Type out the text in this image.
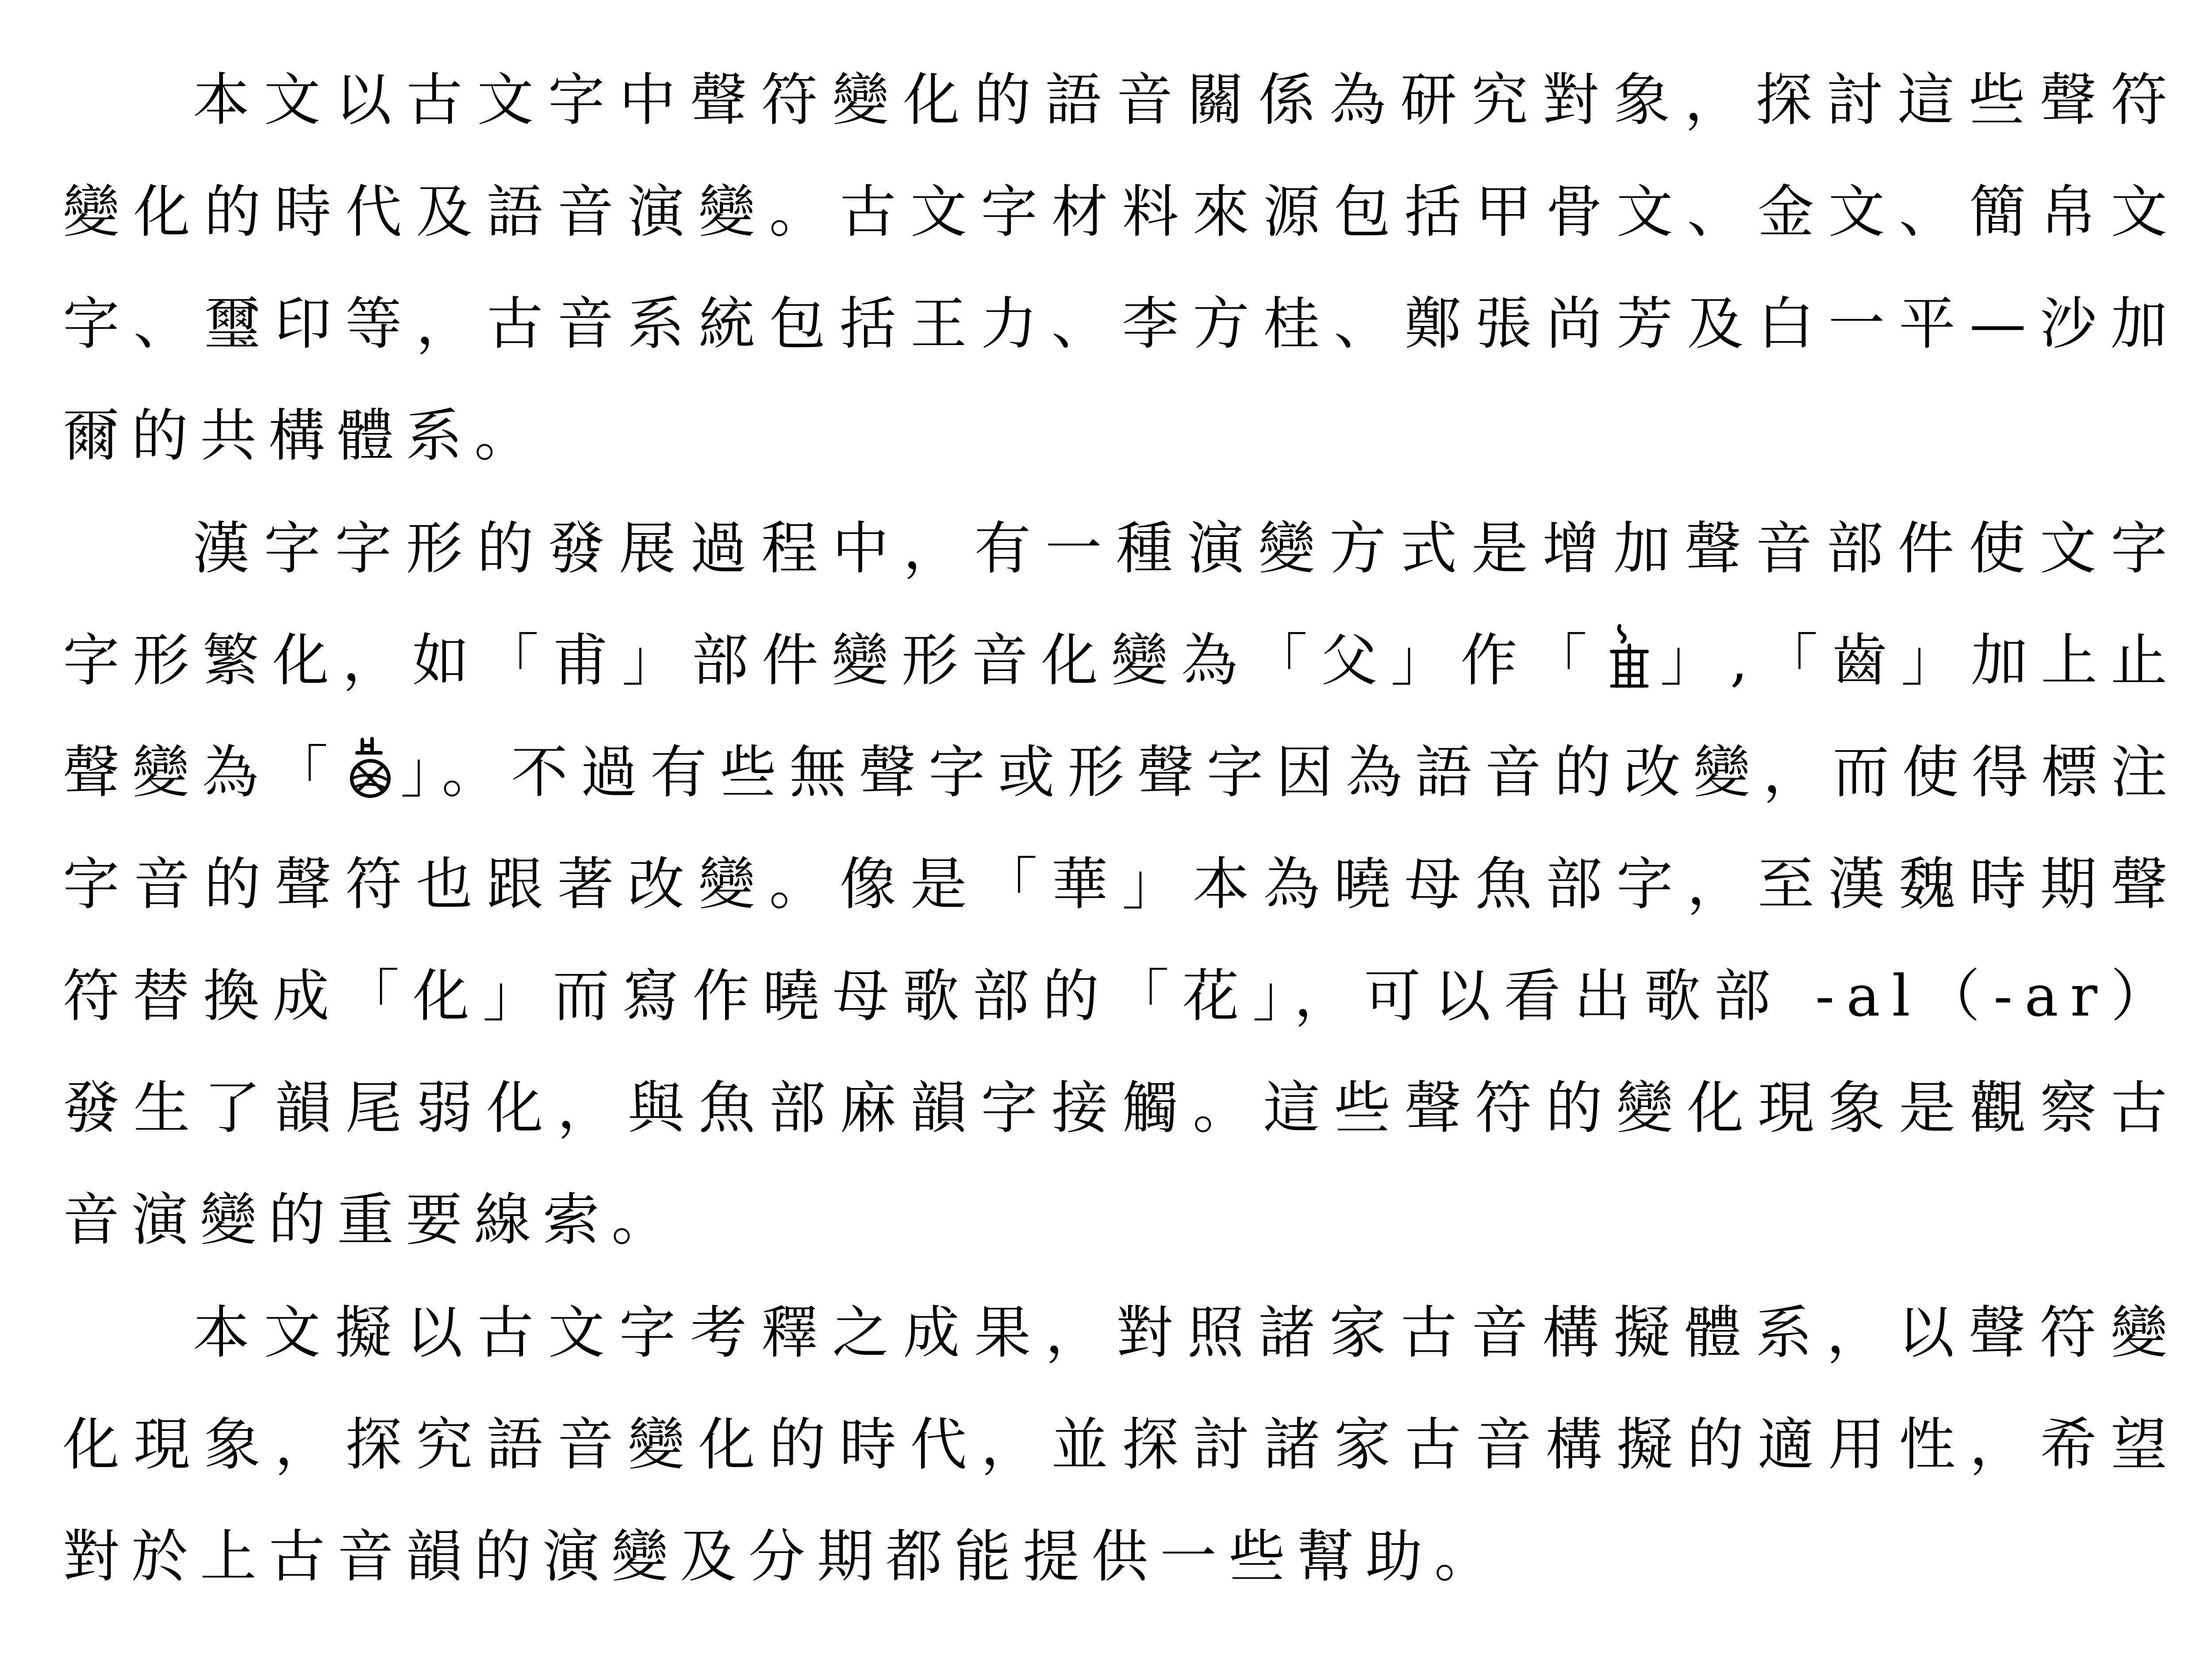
本文以古文字中聲符變化的語音關係為研究對象，探討這些聲符變化的時代及語音演變。古文字材料來源包括甲骨文、金文、簡帛文字、璽印等，古音系統包括王力、李方桂、鄭張尚芳及白一平—沙加爾的共構體系。

漢字字形的發展過程中，有一種演變方式是增加聲音部件使文字字形繁化，如「甫」部件變形音化變為「父」作「 」,「齒」加上止聲變為「 」。不過有些無聲字或形聲字因為語音的改變，而使得標注字音的聲符也跟著改變。像是「華」本為曉母魚部字，至漢魏時期聲符替換成「化」而寫作曉母歌部的「花」，可以看出歌部 -al（-ar）發生了韻尾弱化，與魚部麻韻字接觸。這些聲符的變化現象是觀察古音演變的重要線索。

本文擬以古文字考釋之成果，對照諸家古音構擬體系，以聲符變化現象，探究語音變化的時代，並探討諸家古音構擬的適用性，希望對於上古音韻的演變及分期都能提供一些幫助。
